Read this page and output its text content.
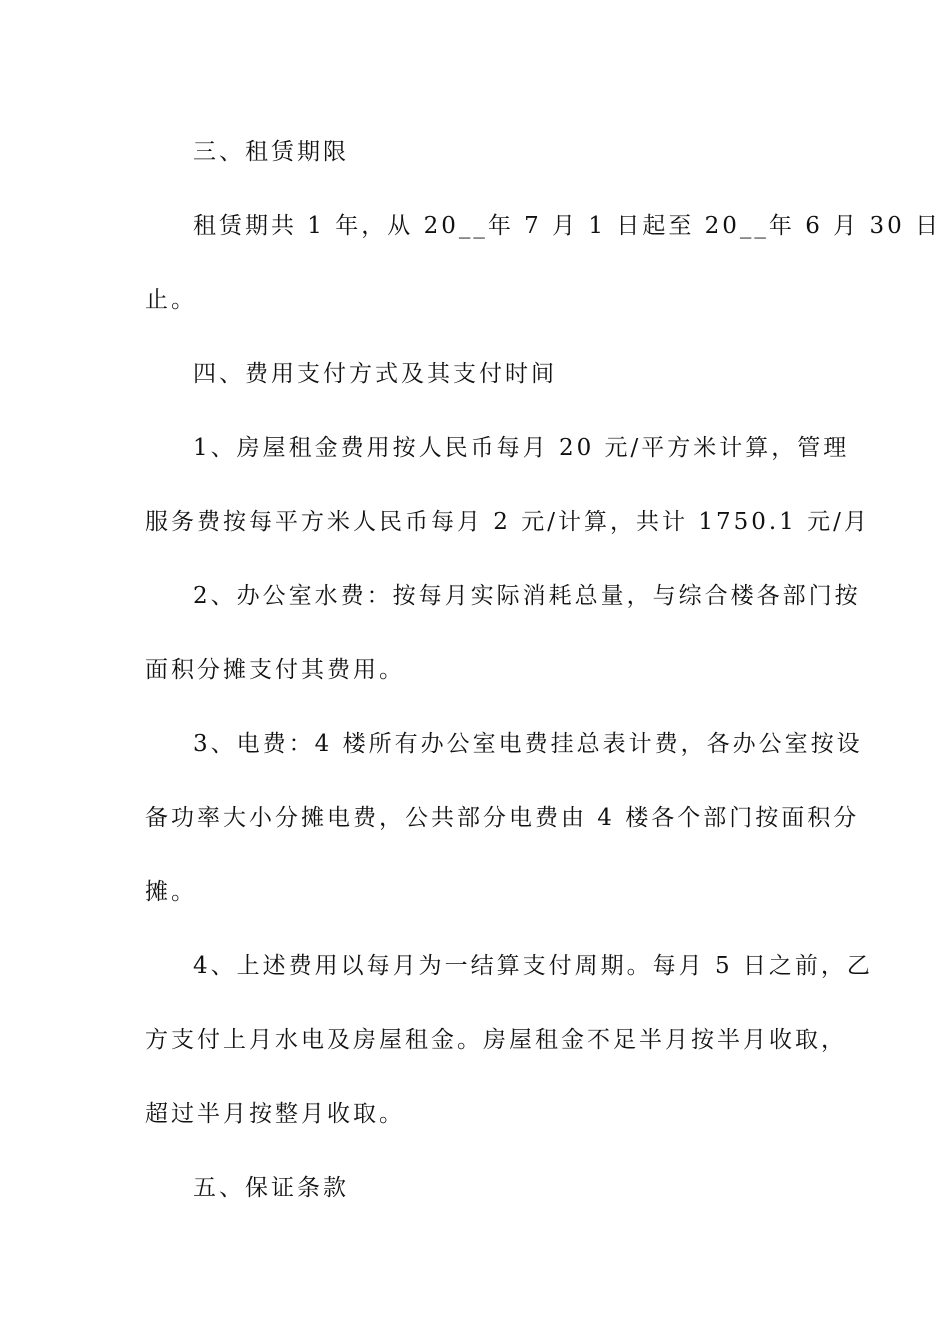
三、租赁期限
租赁期共 1 年，从 20__年 7 月 1 日起至 20__年 6 月 30 日
止。
四、费用支付方式及其支付时间
1、房屋租金费用按人民币每月 20 元/平方米计算，管理
服务费按每平方米人民币每月 2 元/计算，共计 1750.1 元/月
2、办公室水费：按每月实际消耗总量，与综合楼各部门按
面积分摊支付其费用。
3、电费：4 楼所有办公室电费挂总表计费，各办公室按设
备功率大小分摊电费，公共部分电费由 4 楼各个部门按面积分
摊。
4、上述费用以每月为一结算支付周期。每月 5 日之前，乙
方支付上月水电及房屋租金。房屋租金不足半月按半月收取，
超过半月按整月收取。
五、保证条款
